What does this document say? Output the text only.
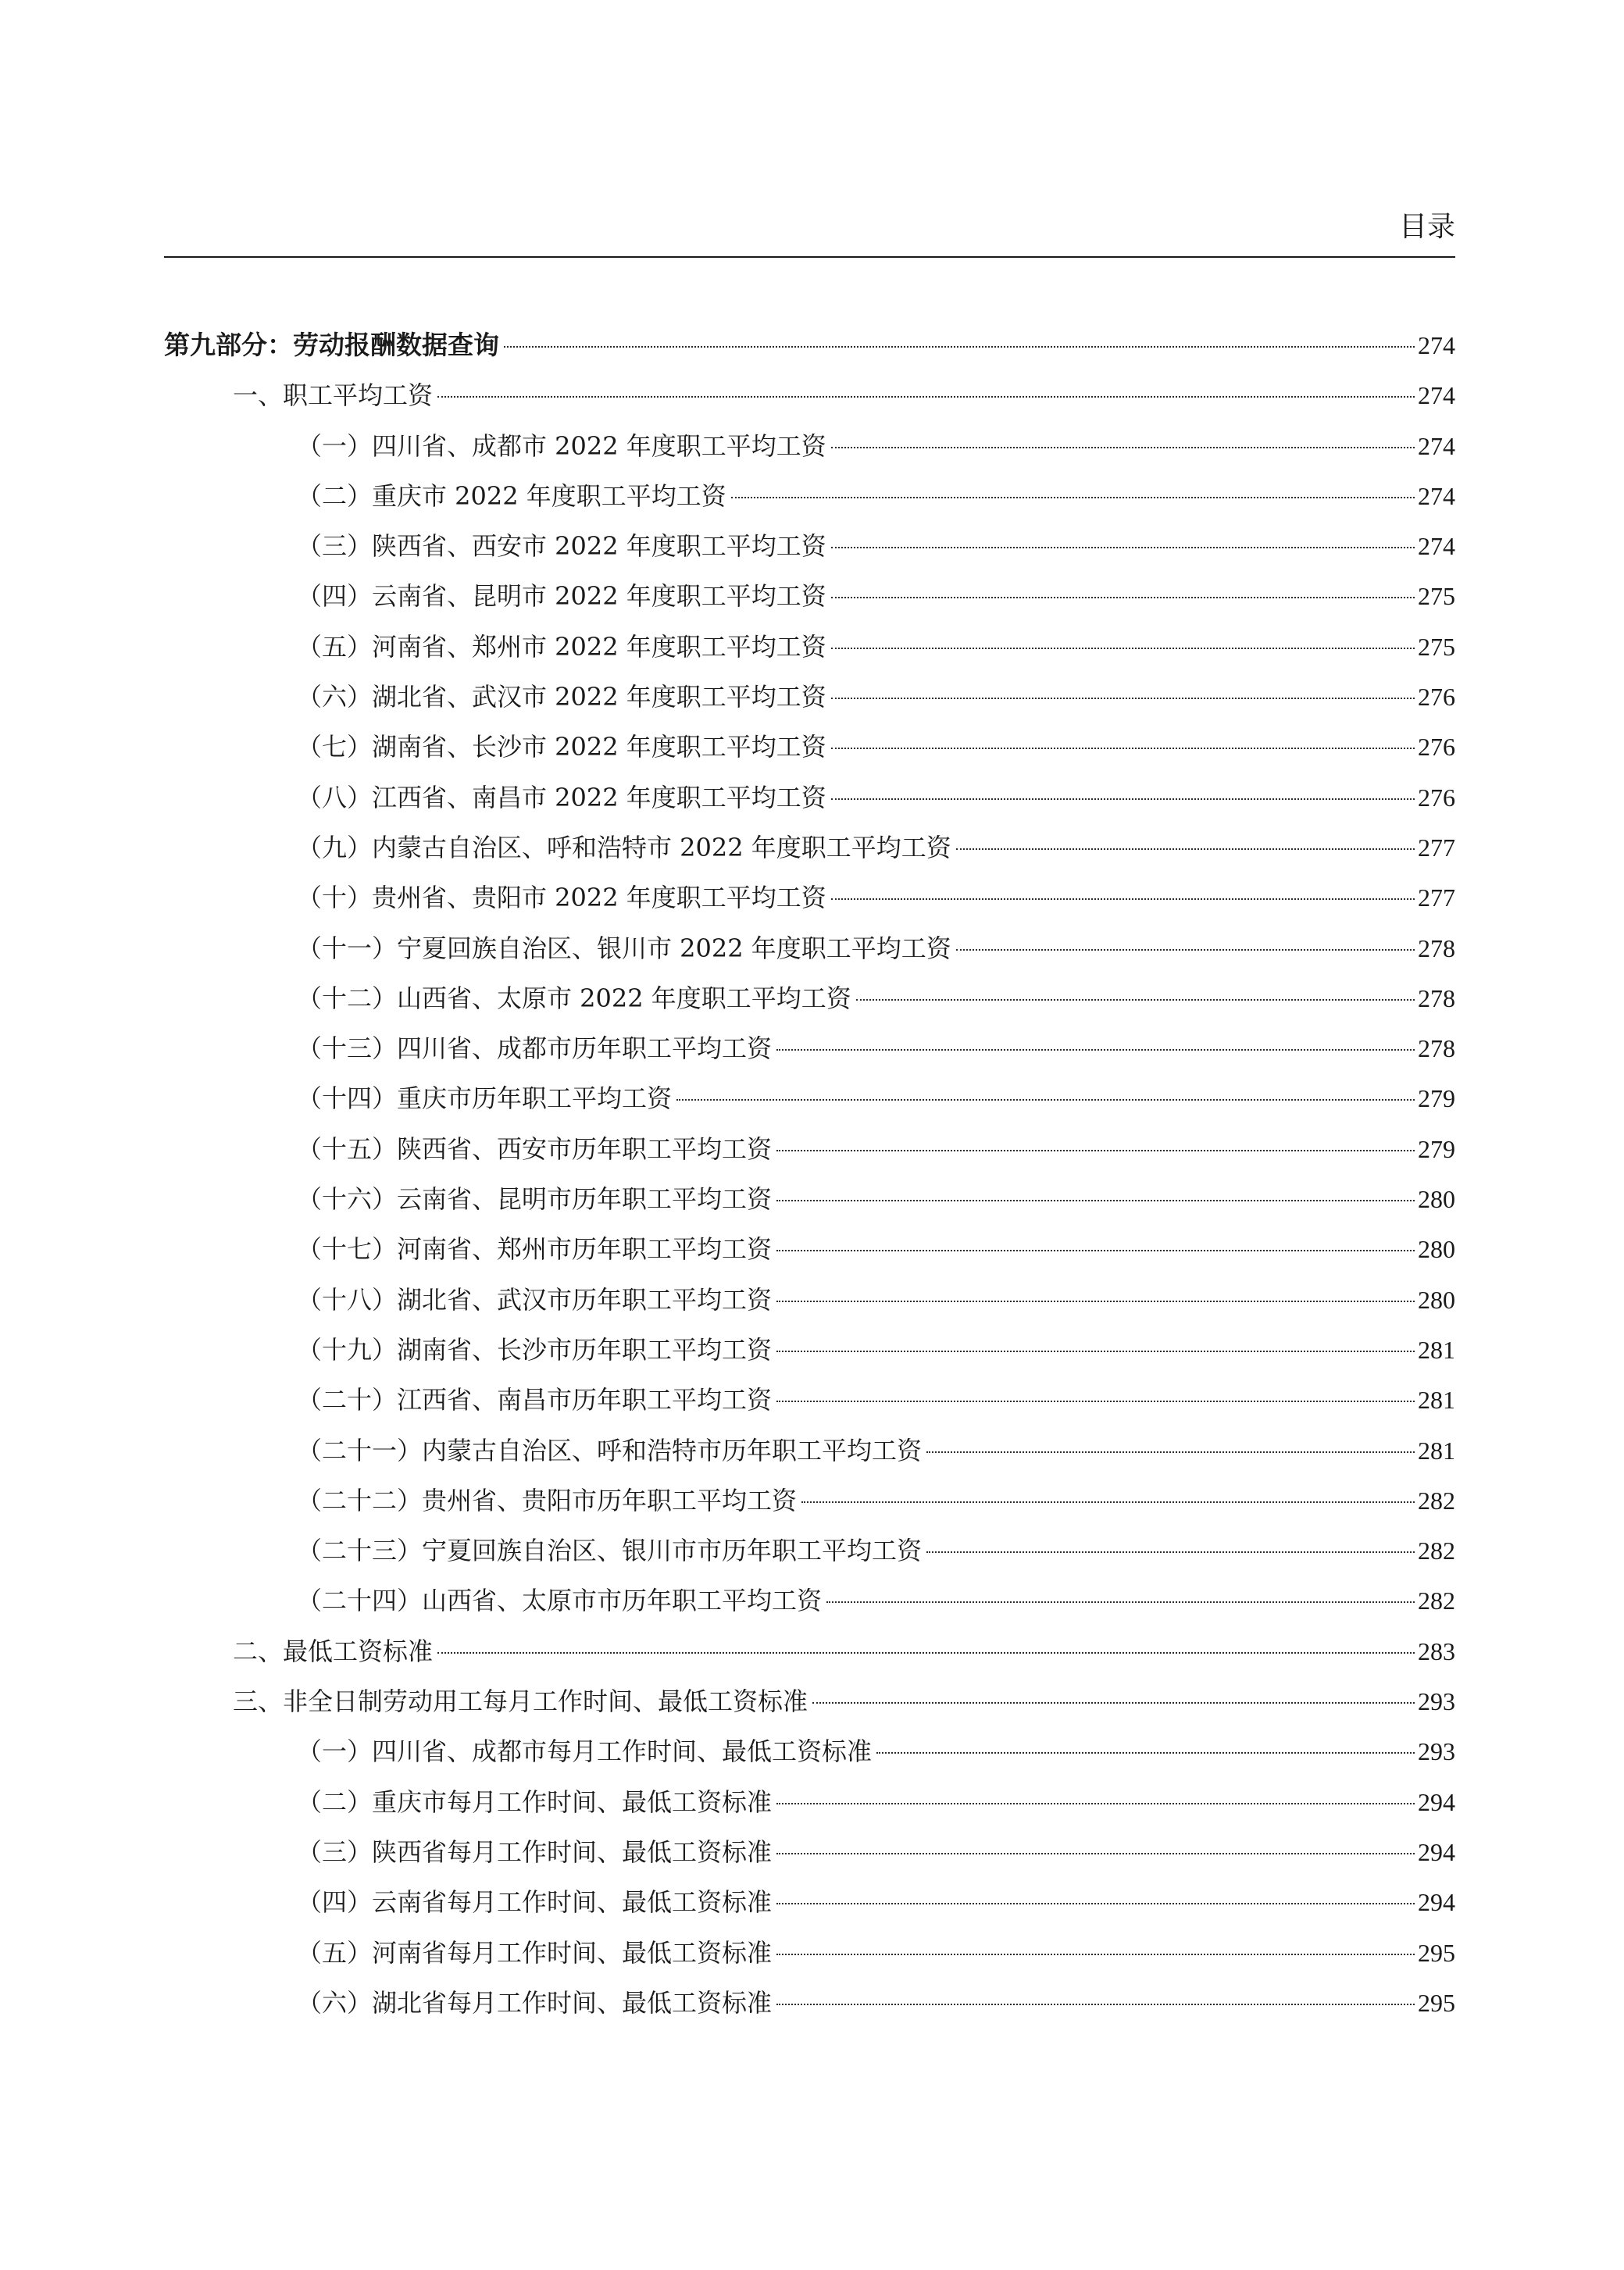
目录
第九部分：劳动报酬数据查询	274
一、职工平均工资	274
（一）四川省、成都市 2022 年度职工平均工资	274
（二）重庆市 2022 年度职工平均工资	274
（三）陕西省、西安市 2022 年度职工平均工资	274
（四）云南省、昆明市 2022 年度职工平均工资	275
（五）河南省、郑州市 2022 年度职工平均工资	275
（六）湖北省、武汉市 2022 年度职工平均工资	276
（七）湖南省、长沙市 2022 年度职工平均工资	276
（八）江西省、南昌市 2022 年度职工平均工资	276
（九）内蒙古自治区、呼和浩特市 2022 年度职工平均工资	277
（十）贵州省、贵阳市 2022 年度职工平均工资	277
（十一）宁夏回族自治区、银川市 2022 年度职工平均工资	278
（十二）山西省、太原市 2022 年度职工平均工资	278
（十三）四川省、成都市历年职工平均工资	278
（十四）重庆市历年职工平均工资	279
（十五）陕西省、西安市历年职工平均工资	279
（十六）云南省、昆明市历年职工平均工资	280
（十七）河南省、郑州市历年职工平均工资	280
（十八）湖北省、武汉市历年职工平均工资	280
（十九）湖南省、长沙市历年职工平均工资	281
（二十）江西省、南昌市历年职工平均工资	281
（二十一）内蒙古自治区、呼和浩特市历年职工平均工资	281
（二十二）贵州省、贵阳市历年职工平均工资	282
（二十三）宁夏回族自治区、银川市市历年职工平均工资	282
（二十四）山西省、太原市市历年职工平均工资	282
二、最低工资标准	283
三、非全日制劳动用工每月工作时间、最低工资标准	293
（一）四川省、成都市每月工作时间、最低工资标准	293
（二）重庆市每月工作时间、最低工资标准	294
（三）陕西省每月工作时间、最低工资标准	294
（四）云南省每月工作时间、最低工资标准	294
（五）河南省每月工作时间、最低工资标准	295
（六）湖北省每月工作时间、最低工资标准	295
